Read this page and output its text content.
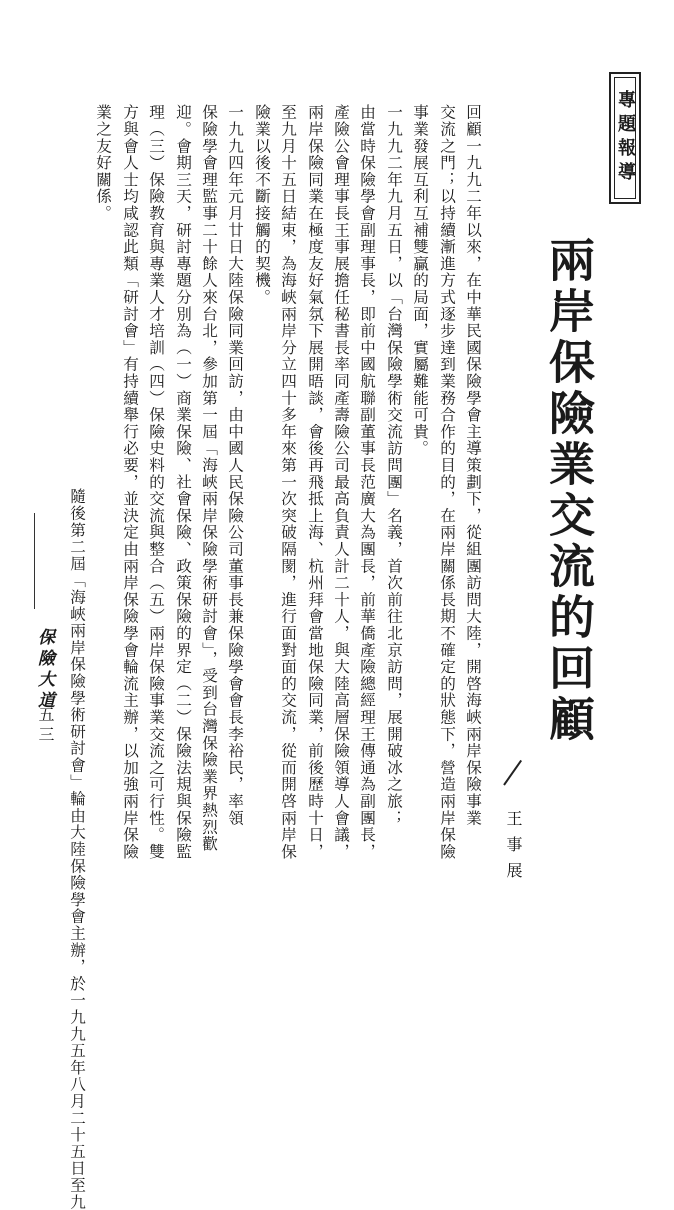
專題報導
兩岸保險業交流的回顧
王事展
回顧一九九二年以來，在中華民國保險學會主導策劃下，從組團訪問大陸，開啓海峽兩岸保險事業
交流之門；以持續漸進方式逐步達到業務合作的目的，在兩岸關係長期不確定的狀態下，營造兩岸保險
事業發展互利互補雙贏的局面，實屬難能可貴。
一九九二年九月五日，以「台灣保險學術交流訪問團」名義，首次前往北京訪問，展開破冰之旅；
由當時保險學會副理事長，即前中國航聯副董事長范廣大為團長，前華僑產險總經理王傳通為副團長，
產險公會理事長王事展擔任秘書長率同產壽險公司最高負責人計二十人，與大陸高層保險領導人會議，
兩岸保險同業在極度友好氣氛下展開晤談，會後再飛抵上海、杭州拜會當地保險同業，前後歷時十日，
至九月十五日結束，為海峽兩岸分立四十多年來第一次突破隔閡，進行面對面的交流，從而開啓兩岸保
險業以後不斷接觸的契機。
一九九四年元月廿日大陸保險同業回訪，由中國人民保險公司董事長兼保險學會會長李裕民，率領
保險學會理監事二十餘人來台北，參加第一屆「海峽兩岸保險學術研討會」，受到台灣保險業界熱烈歡
迎。會期三天，研討專題分別為（一）商業保險、社會保險、政策保險的界定（二）保險法規與保險監
理（三）保險教育與專業人才培訓（四）保險史料的交流與整合（五）兩岸保險事業交流之可行性。雙
方與會人士均咸認此類「研討會」有持續舉行必要，並決定由兩岸保險學會輪流主辦，以加強兩岸保險
業之友好關係。
隨後第二屆「海峽兩岸保險學術研討會」輪由大陸保險學會主辦，於一九九五年八月二十五日至九
保險大道
五三
